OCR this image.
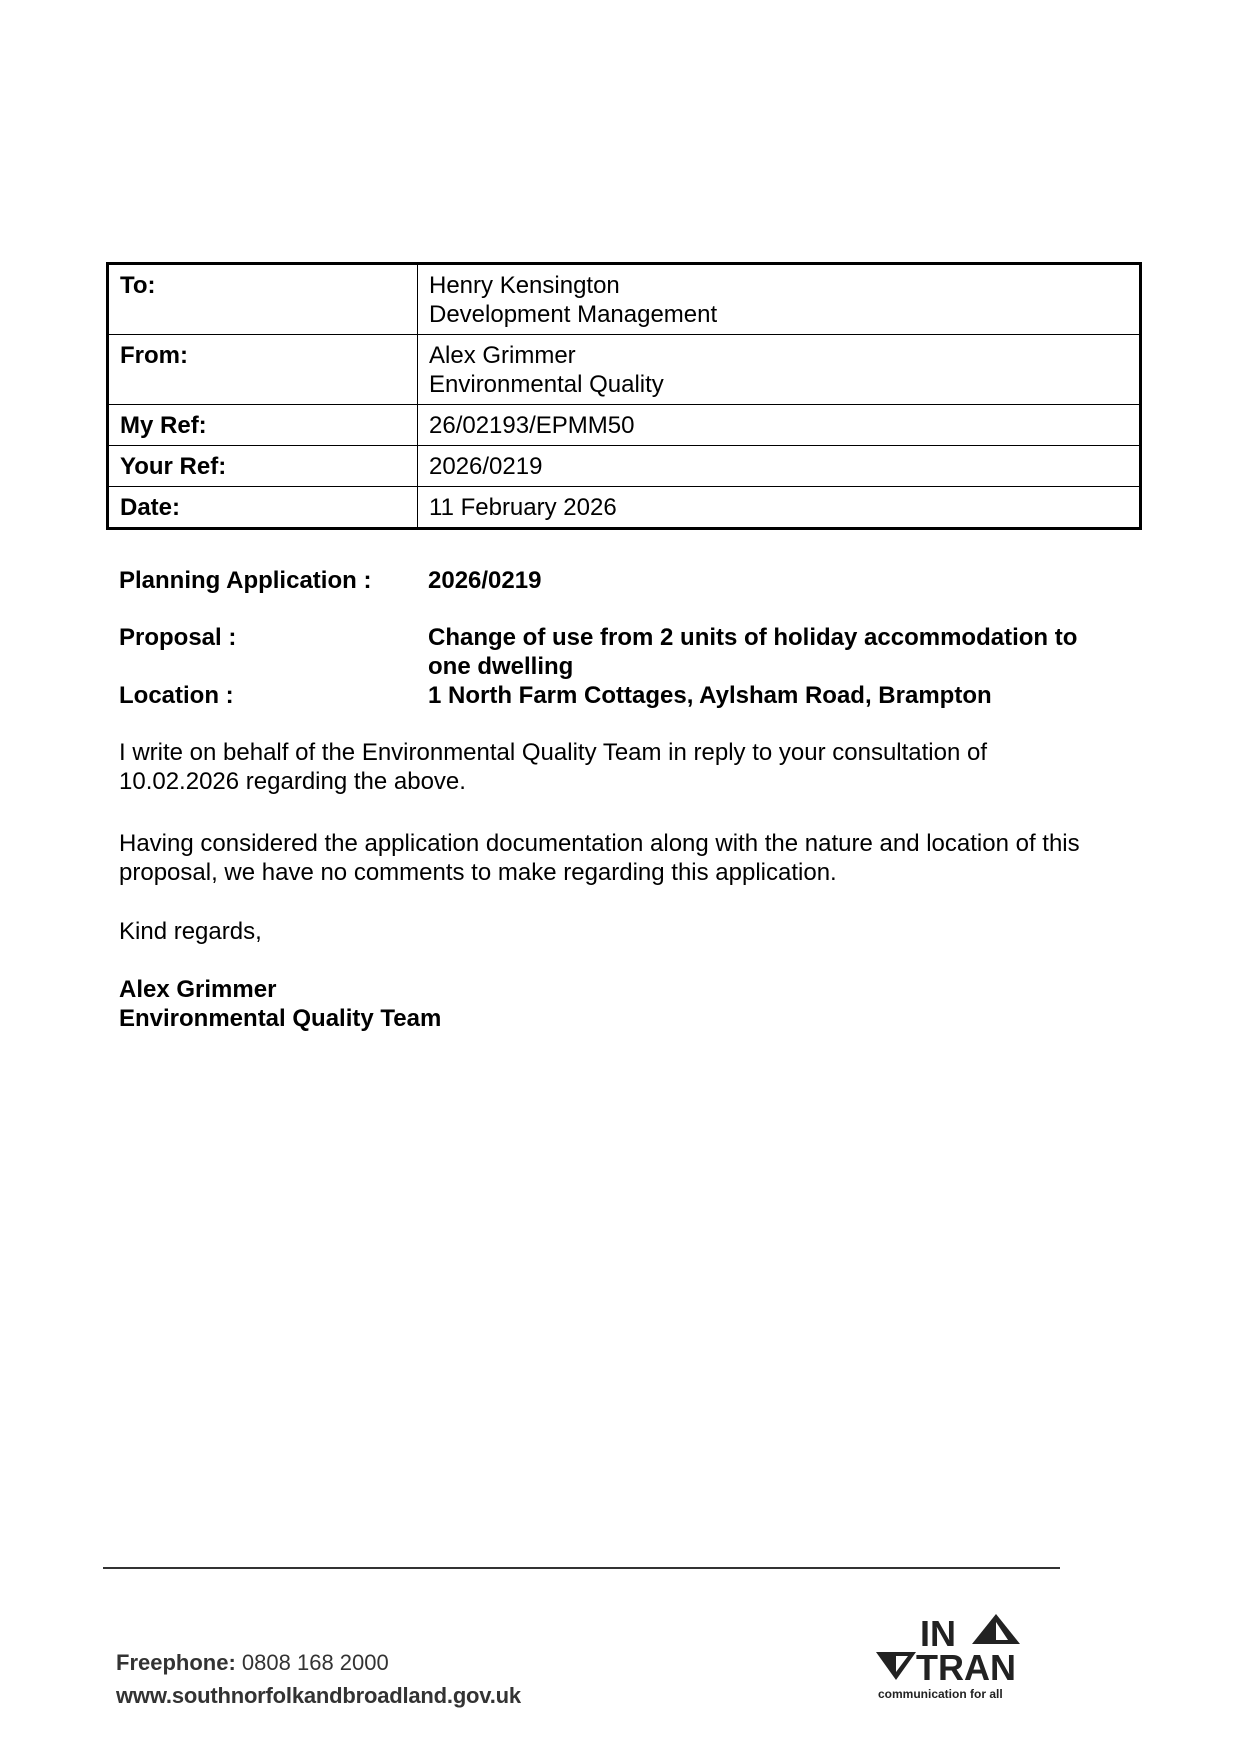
To:	Henry Kensington
Development Management

From:	Alex Grimmer
Environmental Quality

My Ref:	26/02193/EPMM50
Your Ref:	2026/0219
Date:	11 February 2026
Planning Application : 2026/0219
Proposal :	Change of use from 2 units of holiday accommodation to
one dwelling
Location :	1 North Farm Cottages, Aylsham Road, Brampton
I write on behalf of the Environmental Quality Team in reply to your consultation of
10.02.2026 regarding the above.
Having considered the application documentation along with the nature and location of this
proposal, we have no comments to make regarding this application.
Kind regards,
Alex Grimmer
Environmental Quality Team
Freephone: 0808 168 2000
www.southnorfolkandbroadland.gov.uk
IN
TRAN
communication for all
